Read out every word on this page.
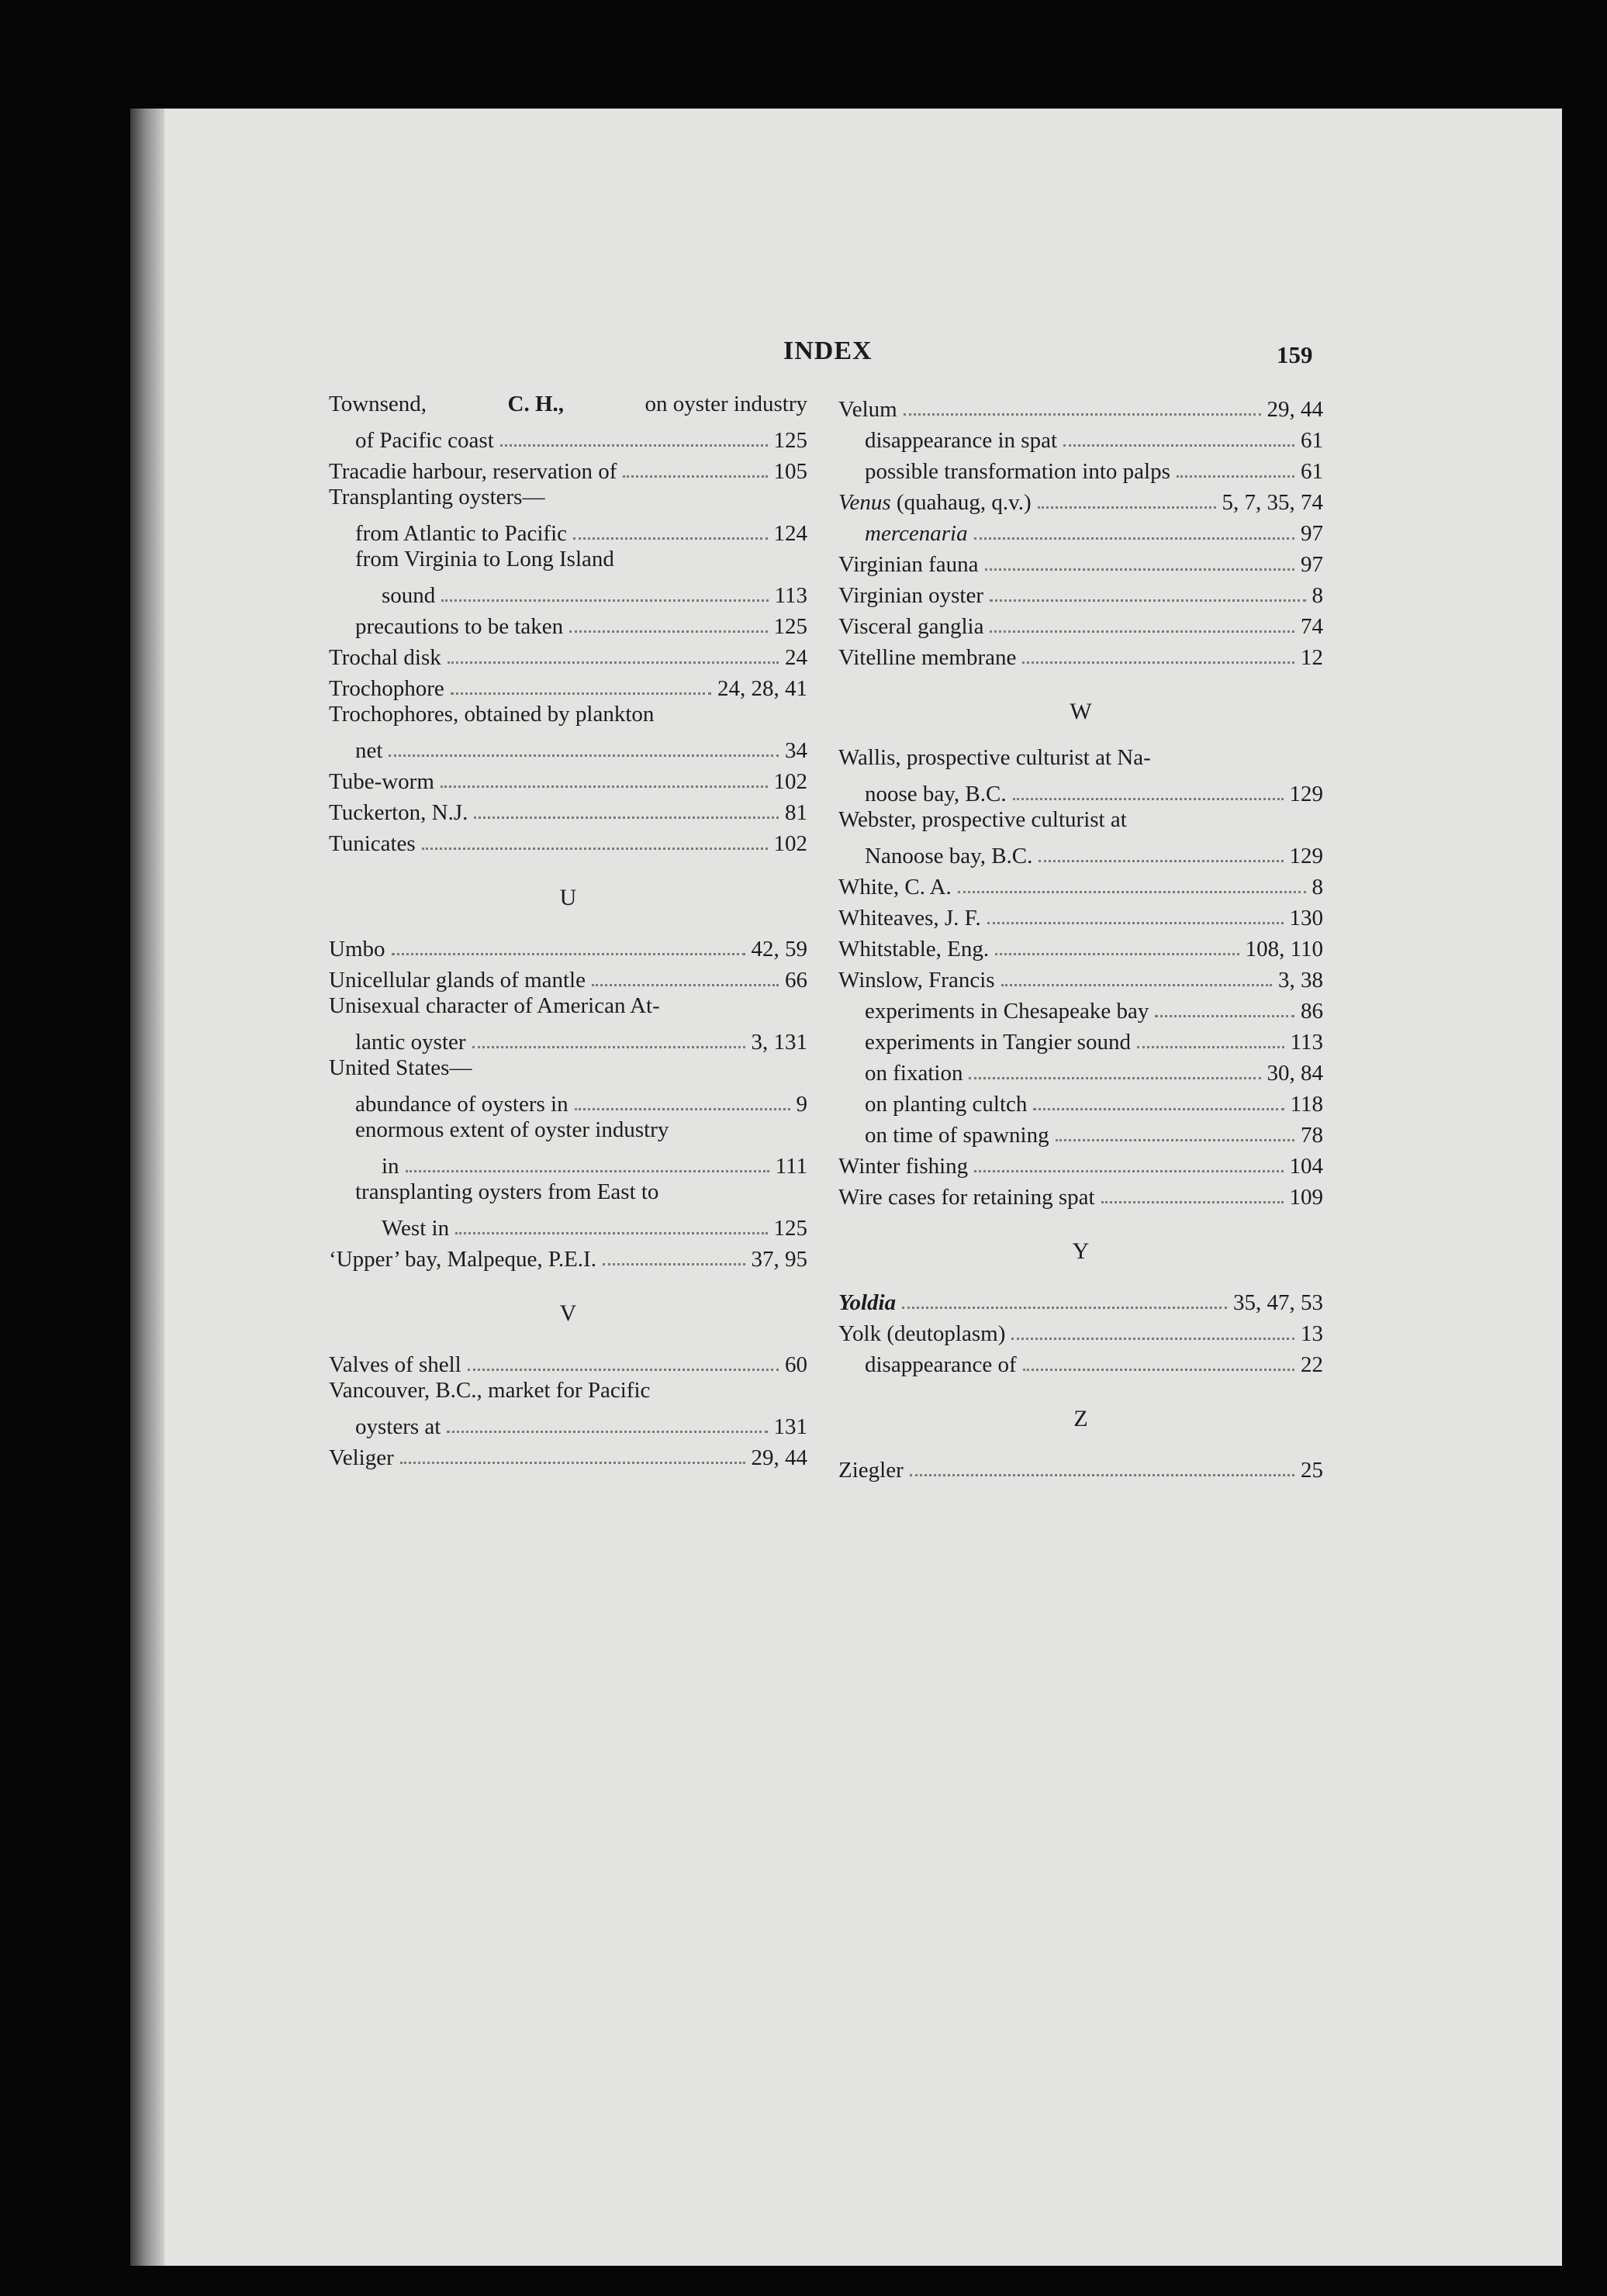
INDEX	159
Townsend,	C. H.,	on oyster industry
of Pacific coast	125
Tracadie harbour, reservation of	105
Transplanting oysters—
from Atlantic to Pacific	124
from Virginia to Long Island
sound	113
precautions to be taken	125
Trochal disk	24
Trochophore	24, 28, 41
Trochophores, obtained by plankton
net	34
Tube-worm	102
Tuckerton, N.J.	81
Tunicates	102
U
Umbo	42, 59
Unicellular glands of mantle	66
Unisexual character of American At-
lantic oyster	3, 131
United States—
abundance of oysters in	9
enormous extent of oyster industry
in	111
transplanting oysters from East to
West in	125
‘Upper’ bay, Malpeque, P.E.I.	37, 95
V
Valves of shell	60
Vancouver, B.C., market for Pacific
oysters at	131
Veliger	29, 44
Velum	29, 44
disappearance in spat	61
possible transformation into palps	61
Venus (quahaug, q.v.)	5, 7, 35, 74
mercenaria	97
Virginian fauna	97
Virginian oyster	8
Visceral ganglia	74
Vitelline membrane	12
W
Wallis, prospective culturist at Na-
noose bay, B.C.	129
Webster, prospective culturist at
Nanoose bay, B.C.	129
White, C. A.	8
Whiteaves, J. F.	130
Whitstable, Eng.	108, 110
Winslow, Francis	3, 38
experiments in Chesapeake bay	86
experiments in Tangier sound	113
on fixation	30, 84
on planting cultch	118
on time of spawning	78
Winter fishing	104
Wire cases for retaining spat	109
Y
Yoldia	35, 47, 53
Yolk (deutoplasm)	13
disappearance of	22
Z
Ziegler	25
